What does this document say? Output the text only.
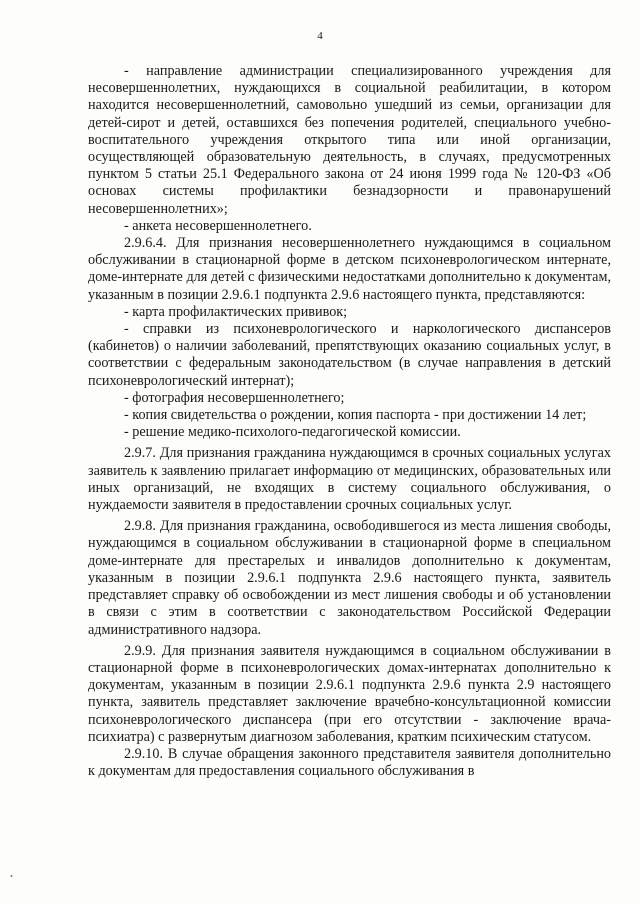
4

- направление администрации специализированного учреждения для несовершеннолетних, нуждающихся в социальной реабилитации, в котором находится несовершеннолетний, самовольно ушедший из семьи, организации для детей-сирот и детей, оставшихся без попечения родителей, специального учебно-воспитательного учреждения открытого типа или иной организации, осуществляющей образовательную деятельность, в случаях, предусмотренных пунктом 5 статьи 25.1 Федерального закона от 24 июня 1999 года № 120-ФЗ «Об основах системы профилактики безнадзорности и правонарушений несовершеннолетних»;

- анкета несовершеннолетнего.

2.9.6.4. Для признания несовершеннолетнего нуждающимся в социальном обслуживании в стационарной форме в детском психоневрологическом интернате, доме-интернате для детей с физическими недостатками дополнительно к документам, указанным в позиции 2.9.6.1 подпункта 2.9.6 настоящего пункта, представляются:

- карта профилактических прививок;

- справки из психоневрологического и наркологического диспансеров (кабинетов) о наличии заболеваний, препятствующих оказанию социальных услуг, в соответствии с федеральным законодательством (в случае направления в детский психоневрологический интернат);

- фотография несовершеннолетнего;

- копия свидетельства о рождении, копия паспорта - при достижении 14 лет;

- решение медико-психолого-педагогической комиссии.

2.9.7. Для признания гражданина нуждающимся в срочных социальных услугах заявитель к заявлению прилагает информацию от медицинских, образовательных или иных организаций, не входящих в систему социального обслуживания, о нуждаемости заявителя в предоставлении срочных социальных услуг.

2.9.8. Для признания гражданина, освободившегося из места лишения свободы, нуждающимся в социальном обслуживании в стационарной форме в специальном доме-интернате для престарелых и инвалидов дополнительно к документам, указанным в позиции 2.9.6.1 подпункта 2.9.6 настоящего пункта, заявитель представляет справку об освобождении из мест лишения свободы и об установлении в связи с этим в соответствии с законодательством Российской Федерации административного надзора.

2.9.9. Для признания заявителя нуждающимся в социальном обслуживании в стационарной форме в психоневрологических домах-интернатах дополнительно к документам, указанным в позиции 2.9.6.1 подпункта 2.9.6 пункта 2.9 настоящего пункта, заявитель представляет заключение врачебно-консультационной комиссии психоневрологического диспансера (при его отсутствии - заключение врача-психиатра) с развернутым диагнозом заболевания, кратким психическим статусом.

2.9.10. В случае обращения законного представителя заявителя дополнительно к документам для предоставления социального обслуживания в

•
